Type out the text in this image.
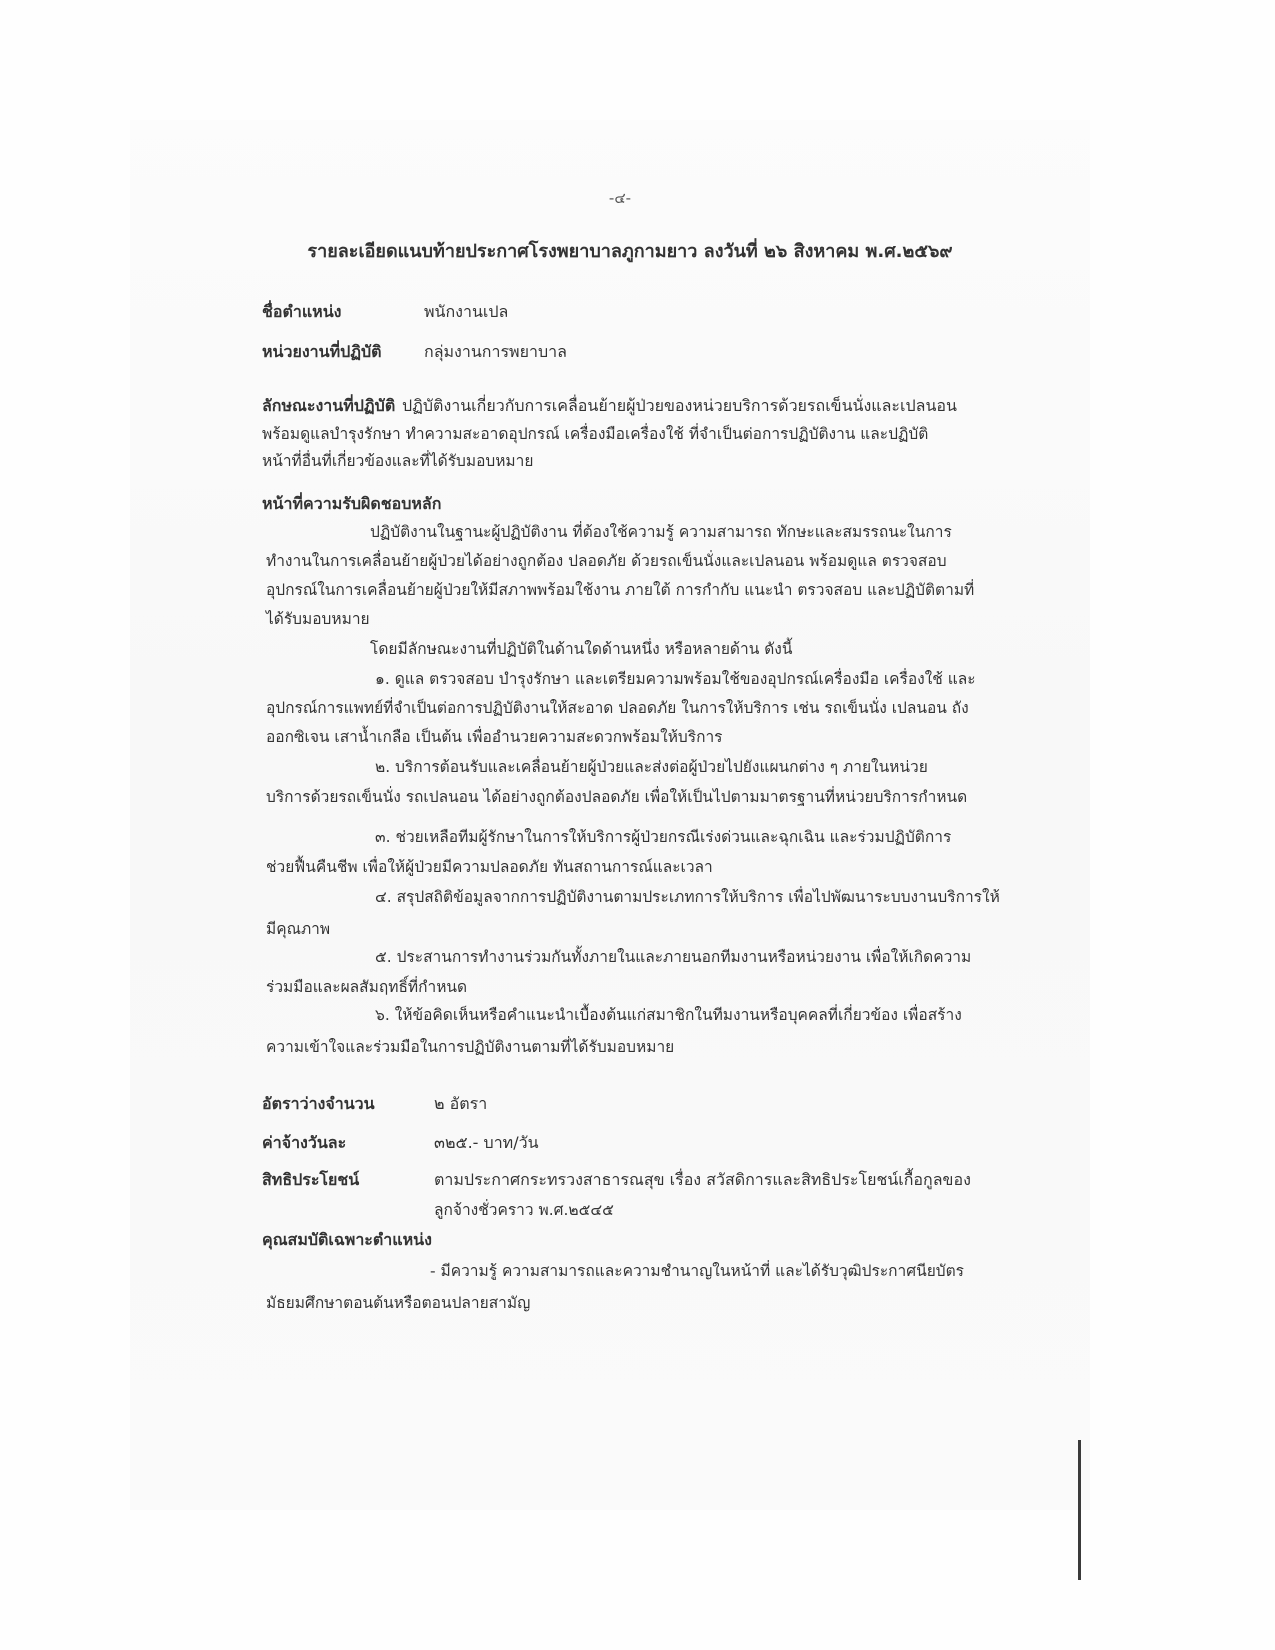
-๔-
รายละเอียดแนบท้ายประกาศโรงพยาบาลภูกามยาว ลงวันที่ ๒๖ สิงหาคม พ.ศ.๒๕๖๙
ชื่อตำแหน่ง	พนักงานเปล
หน่วยงานที่ปฏิบัติ	กลุ่มงานการพยาบาล
ลักษณะงานที่ปฏิบัติ ปฏิบัติงานเกี่ยวกับการเคลื่อนย้ายผู้ป่วยของหน่วยบริการด้วยรถเข็นนั่งและเปลนอน
พร้อมดูแลบำรุงรักษา ทำความสะอาดอุปกรณ์ เครื่องมือเครื่องใช้ ที่จำเป็นต่อการปฏิบัติงาน และปฏิบัติ
หน้าที่อื่นที่เกี่ยวข้องและที่ได้รับมอบหมาย
หน้าที่ความรับผิดชอบหลัก
ปฏิบัติงานในฐานะผู้ปฏิบัติงาน ที่ต้องใช้ความรู้ ความสามารถ ทักษะและสมรรถนะในการ
ทำงานในการเคลื่อนย้ายผู้ป่วยได้อย่างถูกต้อง ปลอดภัย ด้วยรถเข็นนั่งและเปลนอน พร้อมดูแล ตรวจสอบ
อุปกรณ์ในการเคลื่อนย้ายผู้ป่วยให้มีสภาพพร้อมใช้งาน ภายใต้ การกำกับ แนะนำ ตรวจสอบ และปฏิบัติตามที่
ได้รับมอบหมาย
โดยมีลักษณะงานที่ปฏิบัติในด้านใดด้านหนึ่ง หรือหลายด้าน ดังนี้
๑. ดูแล ตรวจสอบ บำรุงรักษา และเตรียมความพร้อมใช้ของอุปกรณ์เครื่องมือ เครื่องใช้ และ
อุปกรณ์การแพทย์ที่จำเป็นต่อการปฏิบัติงานให้สะอาด ปลอดภัย ในการให้บริการ เช่น รถเข็นนั่ง เปลนอน ถัง
ออกซิเจน เสาน้ำเกลือ เป็นต้น เพื่ออำนวยความสะดวกพร้อมให้บริการ
๒. บริการต้อนรับและเคลื่อนย้ายผู้ป่วยและส่งต่อผู้ป่วยไปยังแผนกต่าง ๆ ภายในหน่วย
บริการด้วยรถเข็นนั่ง รถเปลนอน ได้อย่างถูกต้องปลอดภัย เพื่อให้เป็นไปตามมาตรฐานที่หน่วยบริการกำหนด
๓. ช่วยเหลือทีมผู้รักษาในการให้บริการผู้ป่วยกรณีเร่งด่วนและฉุกเฉิน และร่วมปฏิบัติการ
ช่วยฟื้นคืนชีพ เพื่อให้ผู้ป่วยมีความปลอดภัย ทันสถานการณ์และเวลา
๔. สรุปสถิติข้อมูลจากการปฏิบัติงานตามประเภทการให้บริการ เพื่อไปพัฒนาระบบงานบริการให้
มีคุณภาพ
๕. ประสานการทำงานร่วมกันทั้งภายในและภายนอกทีมงานหรือหน่วยงาน เพื่อให้เกิดความ
ร่วมมือและผลสัมฤทธิ์ที่กำหนด
๖. ให้ข้อคิดเห็นหรือคำแนะนำเบื้องต้นแก่สมาชิกในทีมงานหรือบุคคลที่เกี่ยวข้อง เพื่อสร้าง
ความเข้าใจและร่วมมือในการปฏิบัติงานตามที่ได้รับมอบหมาย
อัตราว่างจำนวน	๒ อัตรา
ค่าจ้างวันละ	๓๒๕.- บาท/วัน
สิทธิประโยชน์	ตามประกาศกระทรวงสาธารณสุข เรื่อง สวัสดิการและสิทธิประโยชน์เกื้อกูลของ
ลูกจ้างชั่วคราว พ.ศ.๒๕๔๕
คุณสมบัติเฉพาะตำแหน่ง
- มีความรู้ ความสามารถและความชำนาญในหน้าที่ และได้รับวุฒิประกาศนียบัตร
มัธยมศึกษาตอนต้นหรือตอนปลายสามัญ
